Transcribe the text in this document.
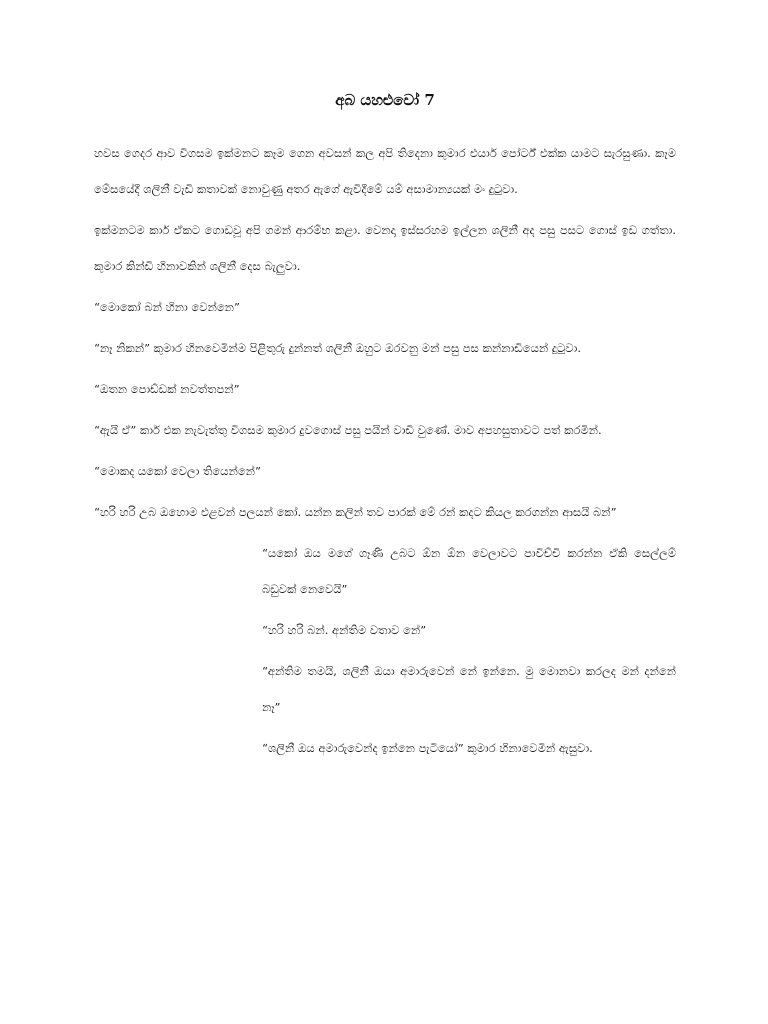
අබ යහළුවෝ 7

හවස ගෙදර ආව විගසම ඉක්මනට කෑම ගෙන අවසන් කල අපි තිදෙනා කුමාර එයාර් පෝර්ට් එක්ක යාමට සැරසුණා. කෑම මේසයේදී ශලිනී වැඩි කතාවක් නොවුණු අතර ඇගේ ඇවිදීමේ යම් අසාමාන්‍යයක් මං දුටුවා.

ඉක්මනටම කාර් ඒකට ගොඩවූ අපි ගමන් ආරම්භ කළා. වෙනදා ඉස්සරහම ඉල්ලන ශලිනී අද පසු පසට ගොස් ඉඩ ගත්තා. කුමාර කින්ඩි හිනාවකින් ශලිනී දෙස බැලුවා.

“මොකෝ බන් හිනා වෙන්නෙ”

“නෑ නිකන්” කුමාර හිනවෙමින්ම පිළිතුරු දුන්නත් ශලිනී ඔහුට ඔරවනු මන් පසු පස කන්නාඩියෙන් දුටුවා.

“ඔතන පොඩ්ඩක් නවත්තපන්”

“ඇයි ඒ” කාර් එක නැවැත්තු විගසම කුමාර දුවගොස් පසු පයින් වාඩි වුණේ. මාව අපහසුතාවට පත් කරමින්.

“මොකද යකෝ වෙලා තියෙන්නේ”

“හරි හරි උබ ඔහොම එළවන් පලයන් කෝ. යන්න කලින් තව පාරක් මේ රන් කදට කියල කරගන්න ආසයි බන්”

“යකෝ ඔය මගේ ගෑණි උබට ඕන ඕන වෙලාවට පාවිච්චි කරන්න ඒකි සෙල්ලම් බඩුවක් නෙවෙයි”

“හරි හරි බන්. අන්තිම වතාව නේ”

“අන්තිම තමයි, ශලිනී ඔයා අමාරුවෙන් නේ ඉන්නෙ. මු මොනවා කරලද මන් දන්නේ නෑ”

“ශලිනී ඔය අමාරුවෙන්ද ඉන්නෙ පැටියෝ” කුමාර හිනාවෙමින් ඇසුවා.
